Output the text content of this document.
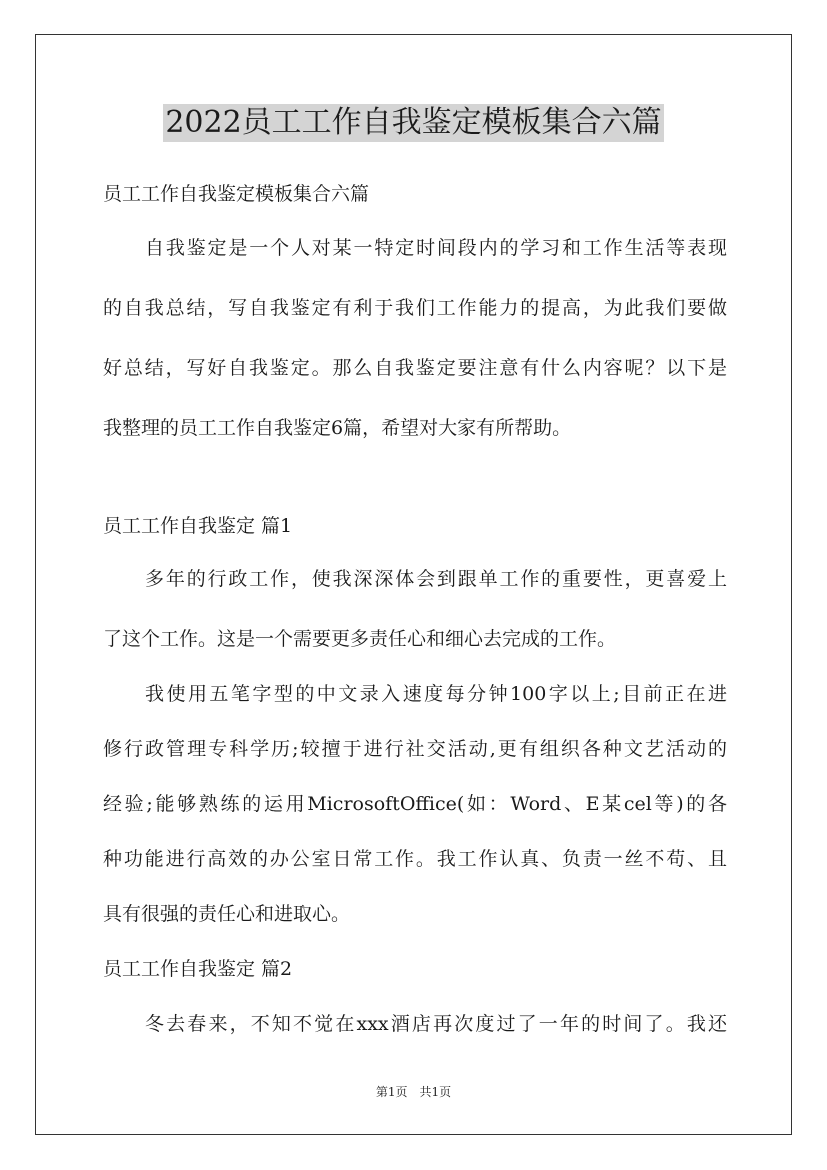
2022员工工作自我鉴定模板集合六篇
员工工作自我鉴定模板集合六篇
自我鉴定是一个人对某一特定时间段内的学习和工作生活等表现
的自我总结，写自我鉴定有利于我们工作能力的提高，为此我们要做
好总结，写好自我鉴定。那么自我鉴定要注意有什么内容呢？以下是
我整理的员工工作自我鉴定6篇，希望对大家有所帮助。
员工工作自我鉴定 篇1
多年的行政工作，使我深深体会到跟单工作的重要性，更喜爱上
了这个工作。这是一个需要更多责任心和细心去完成的工作。
我使用五笔字型的中文录入速度每分钟100字以上;目前正在进
修行政管理专科学历;较擅于进行社交活动,更有组织各种文艺活动的
经验;能够熟练的运用MicrosoftOffice(如：Word、E某cel等)的各
种功能进行高效的办公室日常工作。我工作认真、负责一丝不苟、且
具有很强的责任心和进取心。
员工工作自我鉴定 篇2
冬去春来，不知不觉在xxx酒店再次度过了一年的时间了。我还
第1页　共1页
